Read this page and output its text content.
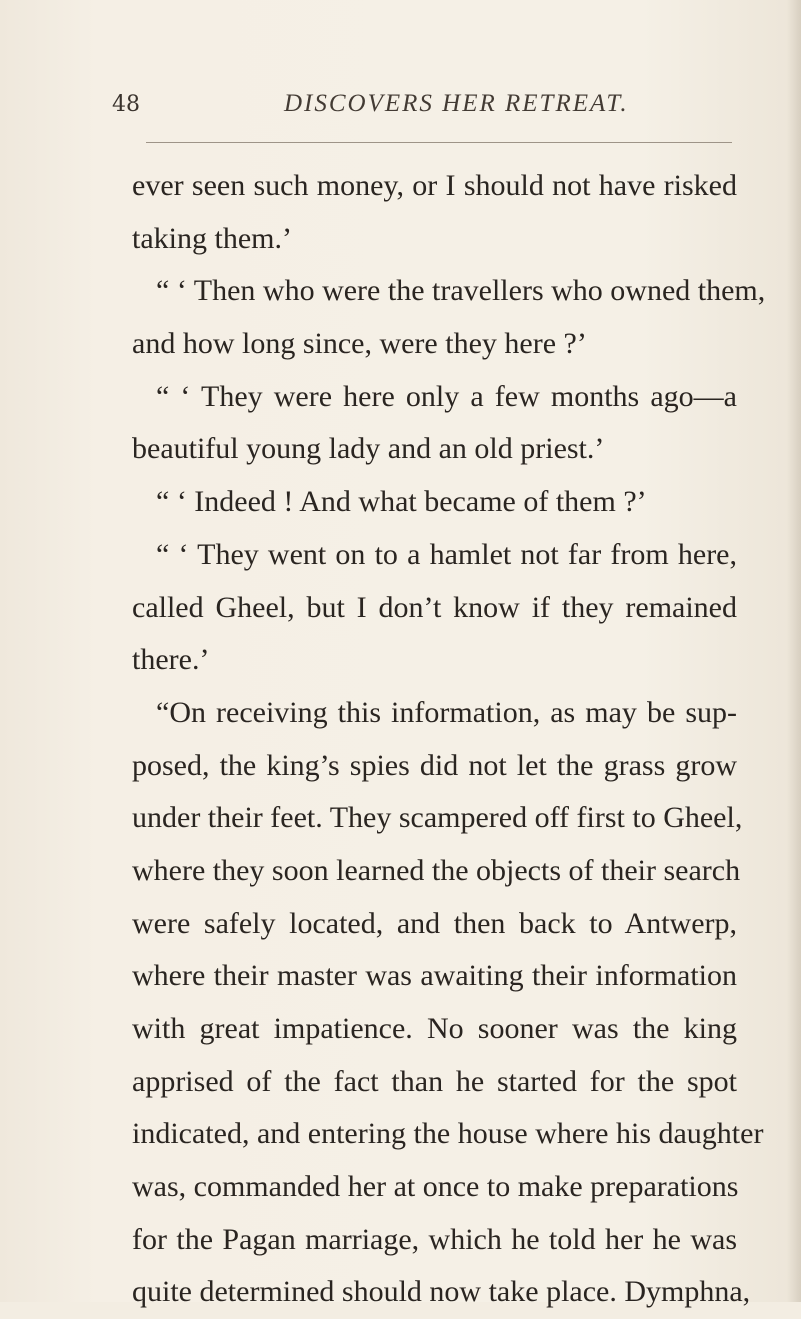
48	DISCOVERS HER RETREAT.
ever seen such money, or I should not have risked
taking them.’
“ ‘ Then who were the travellers who owned them,
and how long since, were they here ?’
“ ‘ They were here only a few months ago—a
beautiful young lady and an old priest.’
“ ‘ Indeed ! And what became of them ?’
“ ‘ They went on to a hamlet not far from here,
called Gheel, but I don’t know if they remained
there.’
“On receiving this information, as may be sup-
posed, the king’s spies did not let the grass grow
under their feet. They scampered off first to Gheel,
where they soon learned the objects of their search
were safely located, and then back to Antwerp,
where their master was awaiting their information
with great impatience. No sooner was the king
apprised of the fact than he started for the spot
indicated, and entering the house where his daughter
was, commanded her at once to make preparations
for the Pagan marriage, which he told her he was
quite determined should now take place. Dymphna,
